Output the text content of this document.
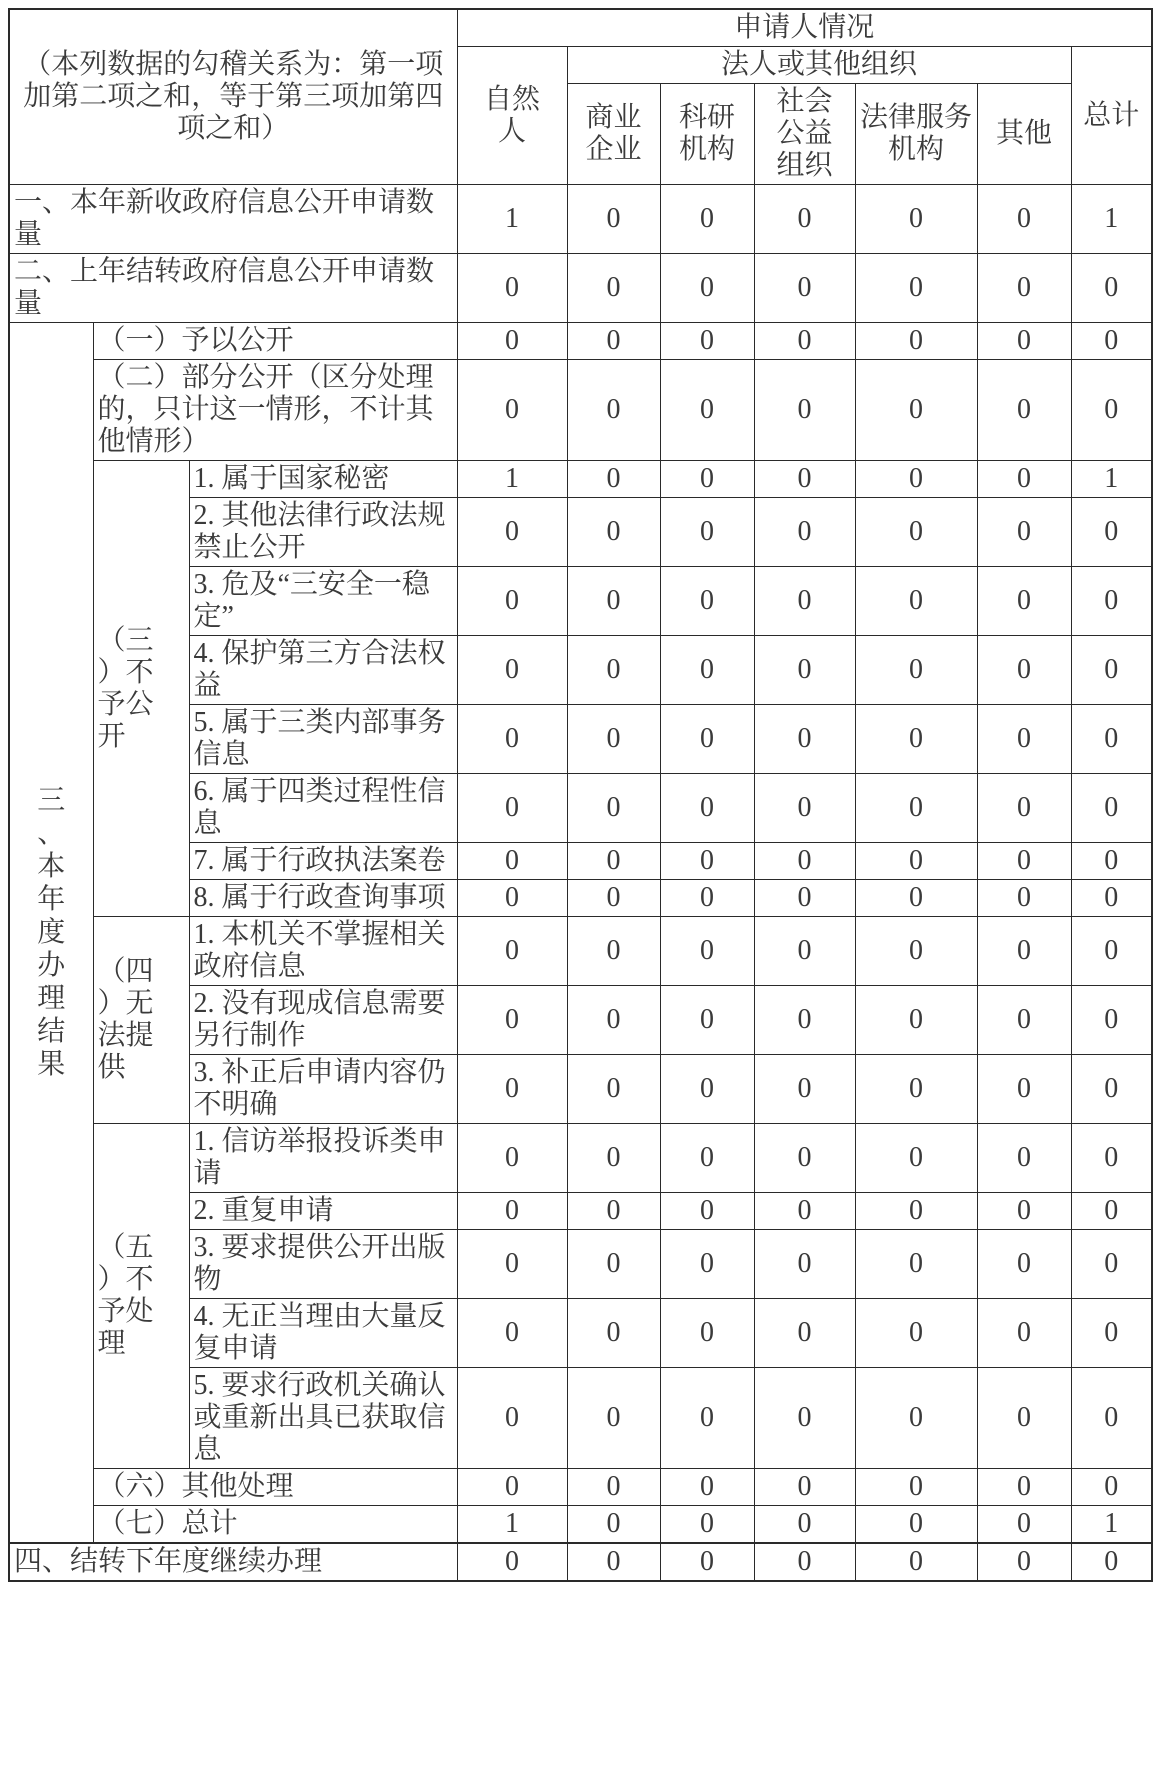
（本列数据的勾稽关系为：第一项加第二项之和，等于第三项加第四项之和）			申请人情况						
			自然人	法人或其他组织					总计
				商业企业	科研机构	社会公益组织	法律服务机构	其他	
一、本年新收政府信息公开申请数量			1	0	0	0	0	0	1
二、上年结转政府信息公开申请数量			0	0	0	0	0	0	0

三、本年度办理结果	（一）予以公开		0	0	0	0	0	0	0
	（二）部分公开（区分处理的，只计这一情形，不计其他情形）		0	0	0	0	0	0	0

	（三）不予公开	1. 属于国家秘密	1	0	0	0	0	0	1
		2. 其他法律行政法规禁止公开	0	0	0	0	0	0	0
		3. 危及“三安全一稳定”	0	0	0	0	0	0	0
		4. 保护第三方合法权益	0	0	0	0	0	0	0
		5. 属于三类内部事务信息	0	0	0	0	0	0	0
		6. 属于四类过程性信息	0	0	0	0	0	0	0
		7. 属于行政执法案卷	0	0	0	0	0	0	0
		8. 属于行政查询事项	0	0	0	0	0	0	0

	（四）无法提供	1. 本机关不掌握相关政府信息	0	0	0	0	0	0	0
		2. 没有现成信息需要另行制作	0	0	0	0	0	0	0
		3. 补正后申请内容仍不明确	0	0	0	0	0	0	0

	（五）不予处理	1. 信访举报投诉类申请	0	0	0	0	0	0	0
		2. 重复申请	0	0	0	0	0	0	0
		3. 要求提供公开出版物	0	0	0	0	0	0	0
		4. 无正当理由大量反复申请	0	0	0	0	0	0	0
		5. 要求行政机关确认或重新出具已获取信息	0	0	0	0	0	0	0
	（六）其他处理		0	0	0	0	0	0	0
	（七）总计		1	0	0	0	0	0	1
四、结转下年度继续办理			0	0	0	0	0	0	0
